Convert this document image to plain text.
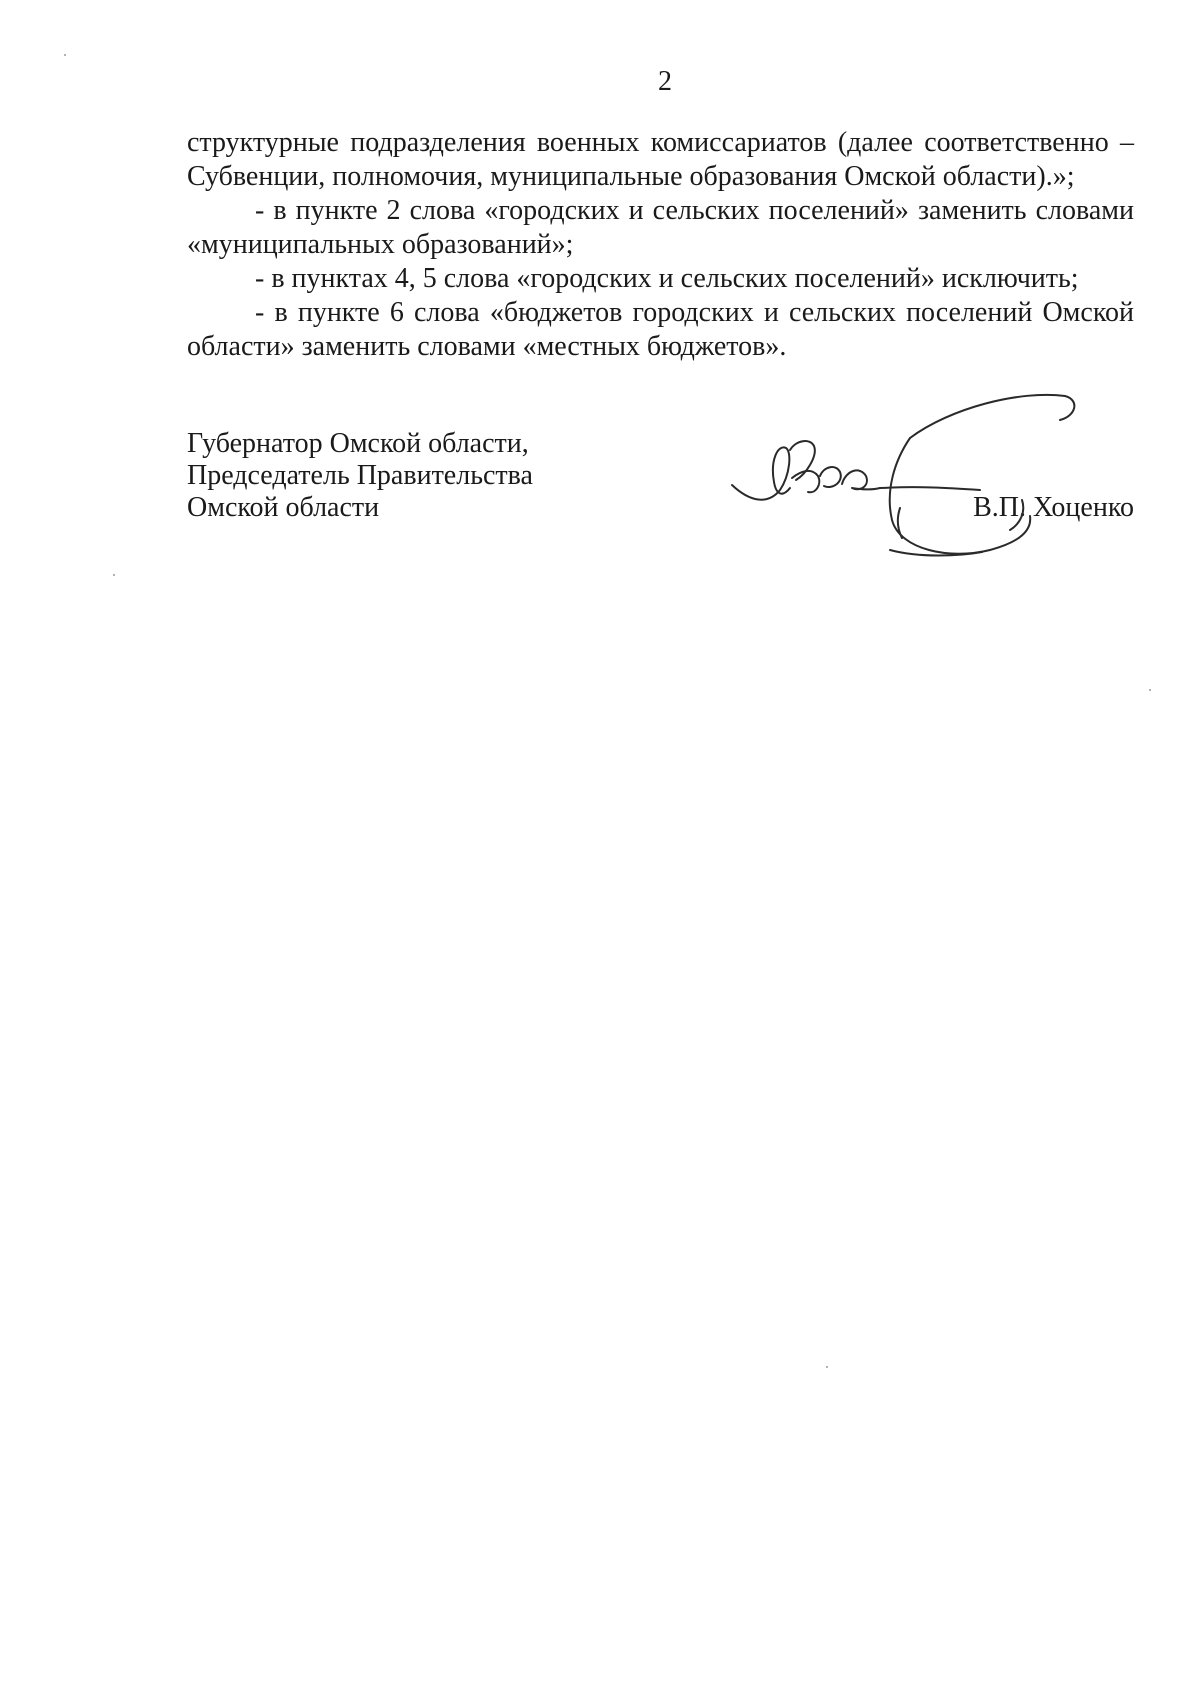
2

структурные подразделения военных комиссариатов (далее соответственно – Субвенции, полномочия, муниципальные образования Омской области).»;

- в пункте 2 слова «городских и сельских поселений» заменить словами «муниципальных образований»;

- в пунктах 4, 5 слова «городских и сельских поселений» исключить;

- в пункте 6 слова «бюджетов городских и сельских поселений Омской области» заменить словами «местных бюджетов».

Губернатор Омской области,
Председатель Правительства
Омской области	В.П. Хоценко
